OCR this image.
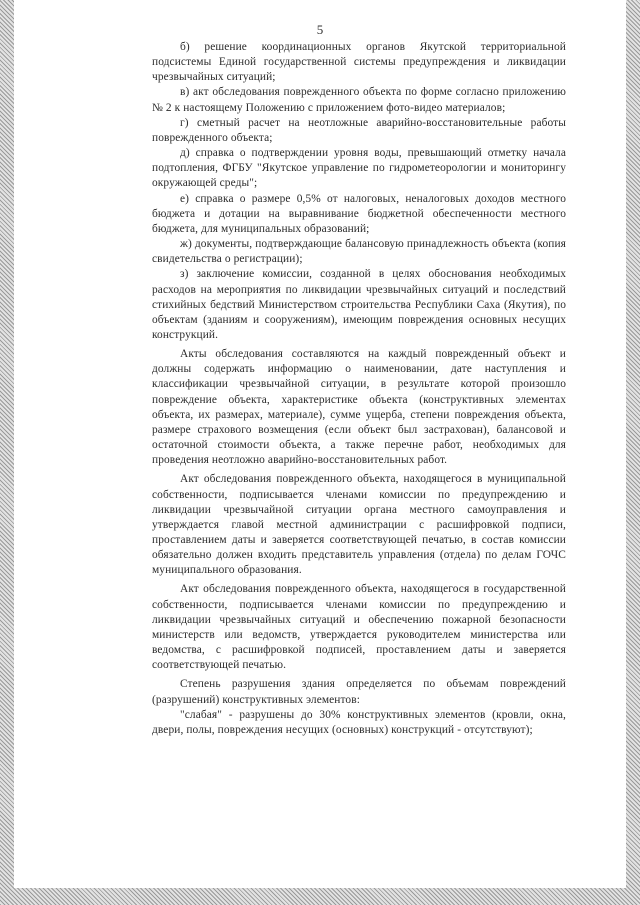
5

б) решение координационных органов Якутской территориальной подсистемы Единой государственной системы предупреждения и ликвидации чрезвычайных ситуаций;

в) акт обследования поврежденного объекта по форме согласно приложению № 2 к настоящему Положению с приложением фото-видео материалов;

г) сметный расчет на неотложные аварийно-восстановительные работы поврежденного объекта;

д) справка о подтверждении уровня воды, превышающий отметку начала подтопления, ФГБУ "Якутское управление по гидрометеорологии и мониторингу окружающей среды";

е) справка о размере 0,5% от налоговых, неналоговых доходов местного бюджета и дотации на выравнивание бюджетной обеспеченности местного бюджета, для муниципальных образований;

ж) документы, подтверждающие балансовую принадлежность объекта (копия свидетельства о регистрации);

з) заключение комиссии, созданной в целях обоснования необходимых расходов на мероприятия по ликвидации чрезвычайных ситуаций и последствий стихийных бедствий Министерством строительства Республики Саха (Якутия), по объектам (зданиям и сооружениям), имеющим повреждения основных несущих конструкций.

Акты обследования составляются на каждый поврежденный объект и должны содержать информацию о наименовании, дате наступления и классификации чрезвычайной ситуации, в результате которой произошло повреждение объекта, характеристике объекта (конструктивных элементах объекта, их размерах, материале), сумме ущерба, степени повреждения объекта, размере страхового возмещения (если объект был застрахован), балансовой и остаточной стоимости объекта, а также перечне работ, необходимых для проведения неотложно аварийно-восстановительных работ.

Акт обследования поврежденного объекта, находящегося в муниципальной собственности, подписывается членами комиссии по предупреждению и ликвидации чрезвычайной ситуации органа местного самоуправления и утверждается главой местной администрации с расшифровкой подписи, проставлением даты и заверяется соответствующей печатью, в состав комиссии обязательно должен входить представитель управления (отдела) по делам ГОЧС муниципального образования.

Акт обследования поврежденного объекта, находящегося в государственной собственности, подписывается членами комиссии по предупреждению и ликвидации чрезвычайных ситуаций и обеспечению пожарной безопасности министерств или ведомств, утверждается руководителем министерства или ведомства, с расшифровкой подписей, проставлением даты и заверяется соответствующей печатью.

Степень разрушения здания определяется по объемам повреждений (разрушений) конструктивных элементов:

"слабая" - разрушены до 30% конструктивных элементов (кровли, окна, двери, полы, повреждения несущих (основных) конструкций - отсутствуют);
